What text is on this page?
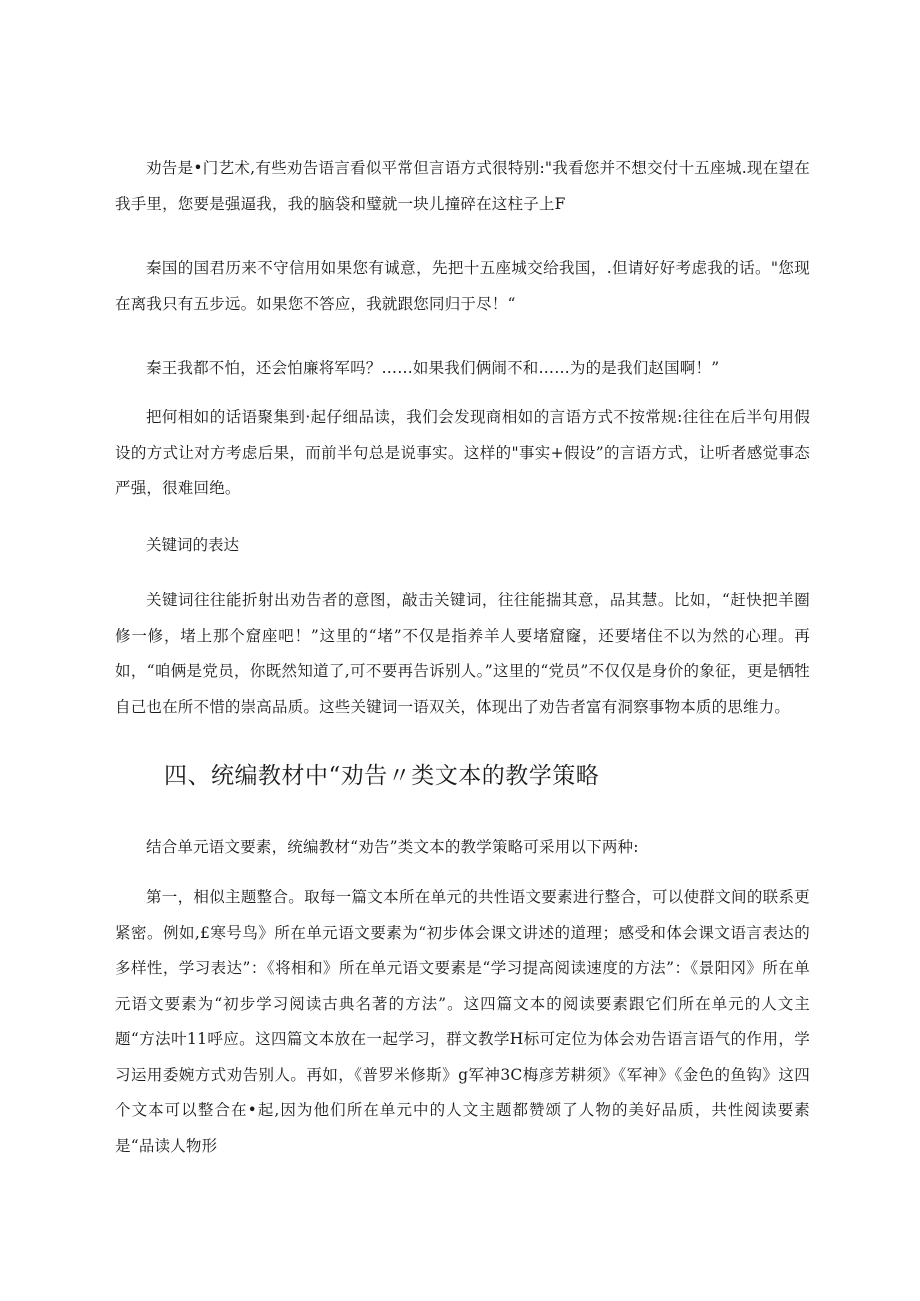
劝告是•门艺术,有些劝告语言看似平常但言语方式很特别:"我看您并不想交付十五座城.现在望在我手里，您要是强逼我，我的脑袋和璧就一块儿撞碎在这柱子上F

秦国的国君历来不守信用如果您有诚意，先把十五座城交给我国，.但请好好考虑我的话。"您现在离我只有五步远。如果您不答应，我就跟您同归于尽！“

秦王我都不怕，还会怕廉将军吗？……如果我们俩闹不和……为的是我们赵国啊！”

把何相如的话语聚集到·起仔细品读，我们会发现商相如的言语方式不按常规:往往在后半句用假设的方式让对方考虑后果，而前半句总是说事实。这样的"事实+假设”的言语方式，让听者感觉事态严强，很难回绝。

关键词的表达

关键词往往能折射出劝告者的意图，敲击关键词，往往能揣其意，品其慧。比如，“赶快把羊圈修一修，堵上那个窟座吧！”这里的“堵”不仅是指养羊人要堵窟窿，还要堵住不以为然的心理。再如，“咱俩是党员，你既然知道了,可不要再告诉别人。”这里的“党员”不仅仅是身价的象征，更是牺牲自己也在所不惜的崇高品质。这些关键词一语双关，体现出了劝告者富有洞察事物本质的思维力。

四、统编教材中“劝告〃类文本的教学策略

结合单元语文要素，统编教材“劝告”类文本的教学策略可采用以下两种:

第一，相似主题整合。取每一篇文本所在单元的共性语文要素进行整合，可以使群文间的联系更紧密。例如,£寒号鸟》所在单元语文要素为“初步体会课文讲述的道理；感受和体会课文语言表达的多样性，学习表达”：《将相和》所在单元语文要素是“学习提高阅读速度的方法”：《景阳冈》所在单元语文要素为“初步学习阅读古典名著的方法”。这四篇文本的阅读要素跟它们所在单元的人文主题“方法叶11呼应。这四篇文本放在一起学习，群文教学H标可定位为体会劝告语言语气的作用，学习运用委婉方式劝告别人。再如，《普罗米修斯》g军神3C梅彦芳耕须》《军神》《金色的鱼钩》这四个文本可以整合在•起,因为他们所在单元中的人文主题都赞颂了人物的美好品质，共性阅读要素是“品读人物形
